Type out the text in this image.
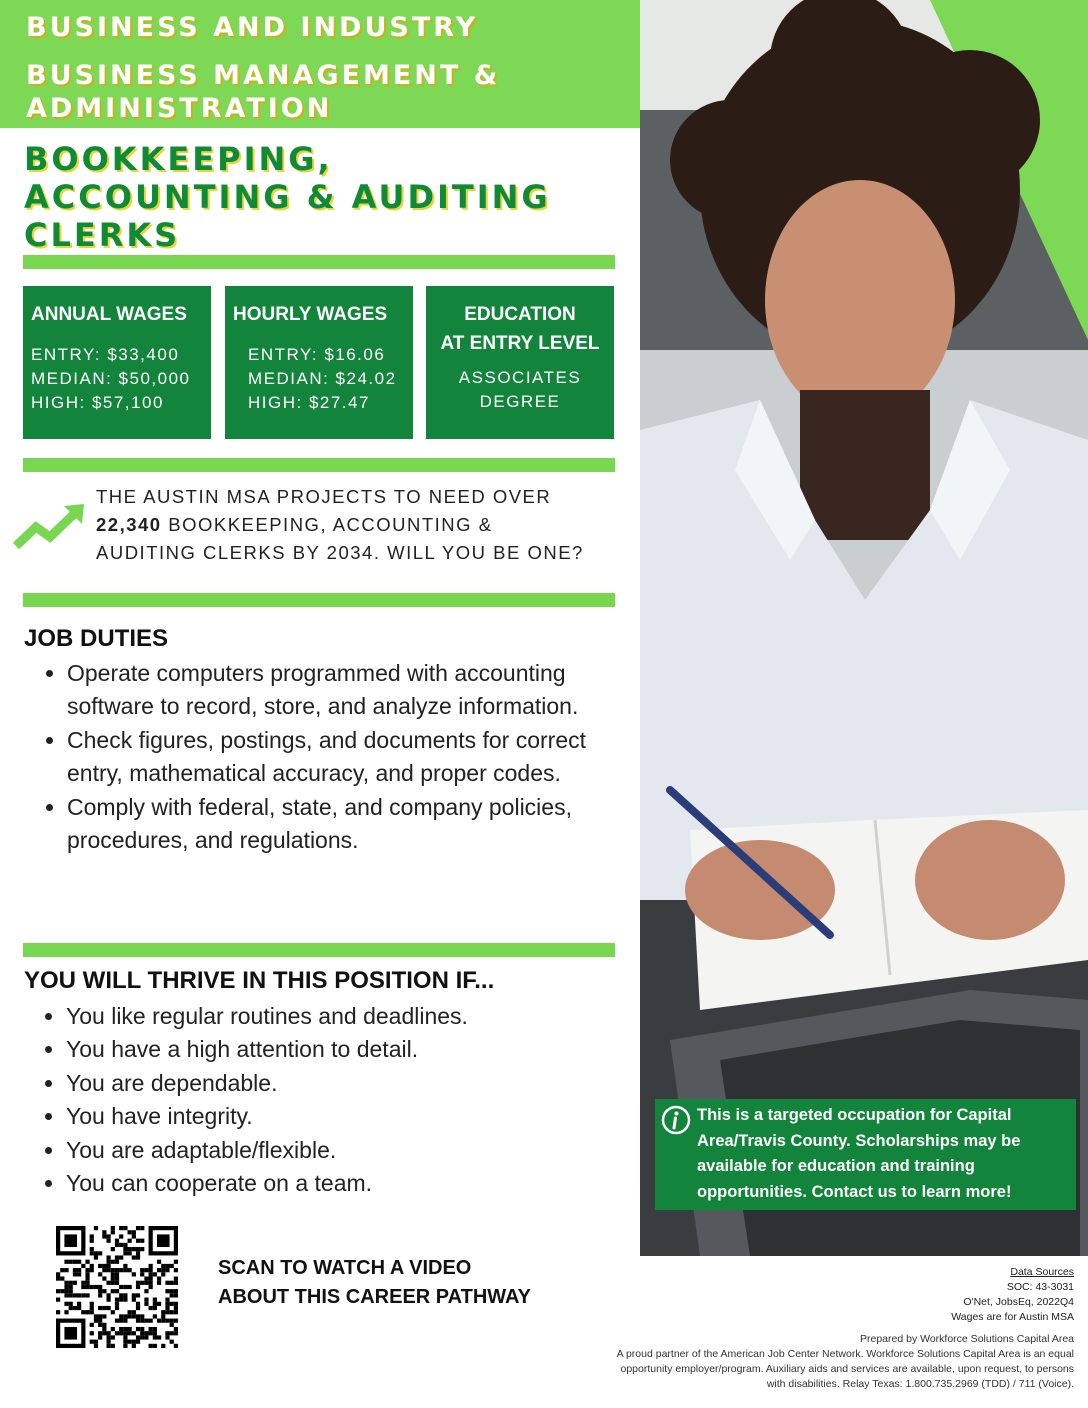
BUSINESS AND INDUSTRY
BUSINESS MANAGEMENT &
ADMINISTRATION
BOOKKEEPING,
ACCOUNTING & AUDITING
CLERKS
ANNUAL WAGES
ENTRY: $33,400
MEDIAN: $50,000
HIGH: $57,100
HOURLY WAGES
ENTRY: $16.06
MEDIAN: $24.02
HIGH: $27.47
EDUCATION
AT ENTRY LEVEL
ASSOCIATES
DEGREE
THE AUSTIN MSA PROJECTS TO NEED OVER
22,340 BOOKKEEPING, ACCOUNTING &
AUDITING CLERKS BY 2034. WILL YOU BE ONE?
JOB DUTIES
• Operate computers programmed with accounting software to record, store, and analyze information.
• Check figures, postings, and documents for correct entry, mathematical accuracy, and proper codes.
• Comply with federal, state, and company policies, procedures, and regulations.
YOU WILL THRIVE IN THIS POSITION IF...
• You like regular routines and deadlines.
• You have a high attention to detail.
• You are dependable.
• You have integrity.
• You are adaptable/flexible.
• You can cooperate on a team.
This is a targeted occupation for Capital Area/Travis County. Scholarships may be available for education and training opportunities. Contact us to learn more!
SCAN TO WATCH A VIDEO
ABOUT THIS CAREER PATHWAY
Data Sources
SOC: 43-3031
O'Net, JobsEq, 2022Q4
Wages are for Austin MSA
Prepared by Workforce Solutions Capital Area
A proud partner of the American Job Center Network. Workforce Solutions Capital Area is an equal opportunity employer/program. Auxiliary aids and services are available, upon request, to persons with disabilities. Relay Texas: 1.800.735.2969 (TDD) / 711 (Voice).
